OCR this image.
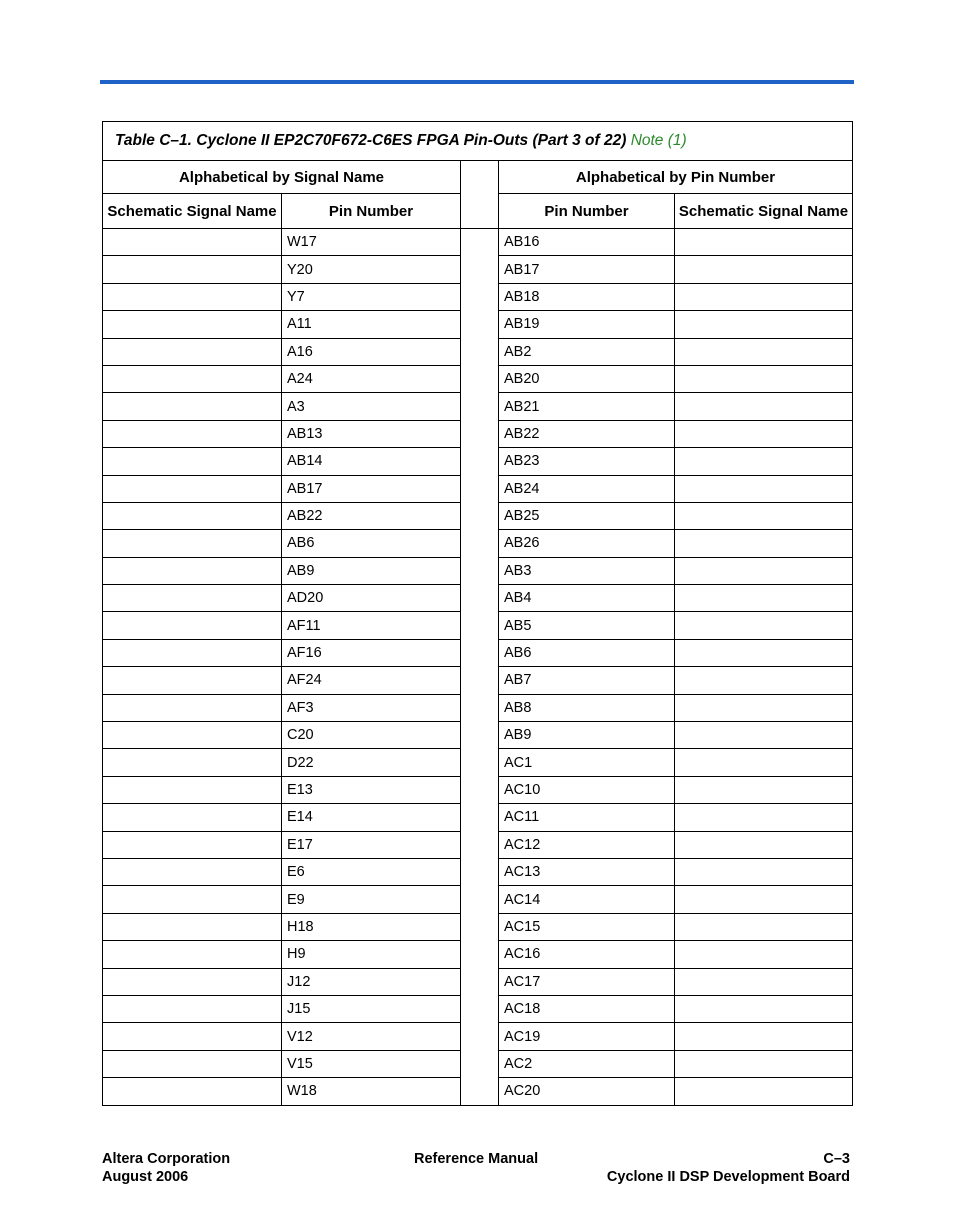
Table C–1. Cyclone II EP2C70F672-C6ES FPGA Pin-Outs (Part 3 of 22) Note (1)				
Alphabetical by Signal Name			Alphabetical by Pin Number	
Schematic Signal Name	Pin Number		Pin Number	Schematic Signal Name
	W17		AB16	
	Y20		AB17	
	Y7		AB18	
	A11		AB19	
	A16		AB2	
	A24		AB20	
	A3		AB21	
	AB13		AB22	
	AB14		AB23	
	AB17		AB24	
	AB22		AB25	
	AB6		AB26	
	AB9		AB3	
	AD20		AB4	
	AF11		AB5	
	AF16		AB6	
	AF24		AB7	
	AF3		AB8	
	C20		AB9	
	D22		AC1	
	E13		AC10	
	E14		AC11	
	E17		AC12	
	E6		AC13	
	E9		AC14	
	H18		AC15	
	H9		AC16	
	J12		AC17	
	J15		AC18	
	V12		AC19	
	V15		AC2	
	W18		AC20	
Altera Corporation
August 2006
Reference Manual	C–3
Cyclone II DSP Development Board
